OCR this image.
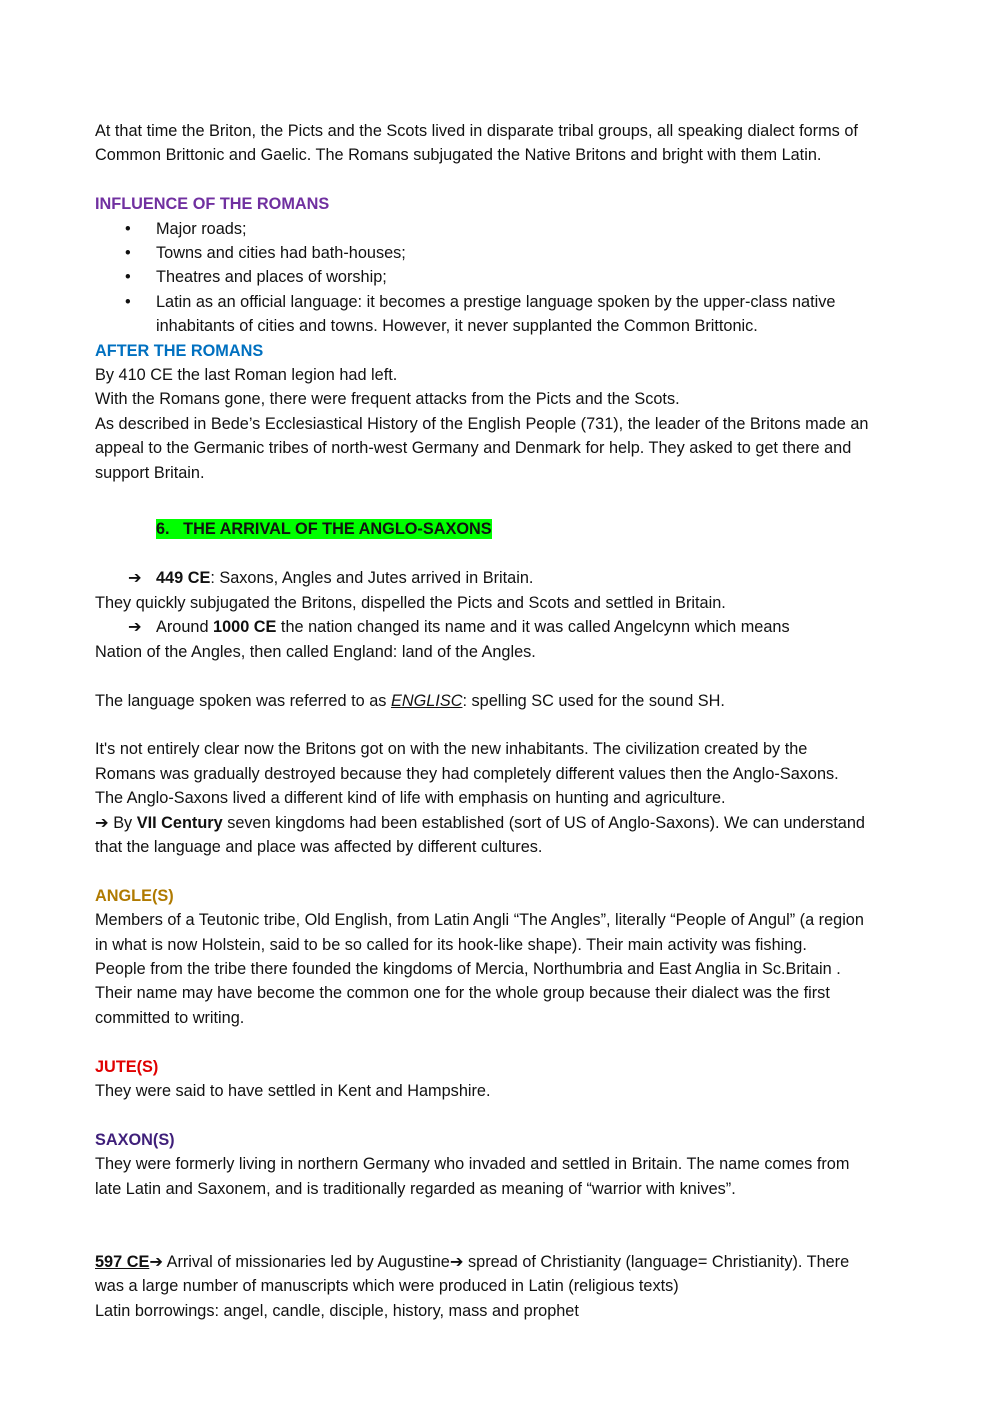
At that time the Briton, the Picts and the Scots lived in disparate tribal groups, all speaking dialect forms of

Common Brittonic and Gaelic. The Romans subjugated the Native Britons and bright with them Latin.

INFLUENCE OF THE ROMANS

• Major roads;
• Towns and cities had bath-houses;
• Theatres and places of worship;
• Latin as an official language: it becomes a prestige language spoken by the upper-class native
inhabitants of cities and towns. However, it never supplanted the Common Brittonic.

AFTER THE ROMANS

By 410 CE the last Roman legion had left.

With the Romans gone, there were frequent attacks from the Picts and the Scots.

As described in Bede’s Ecclesiastical History of the English People (731), the leader of the Britons made an

appeal to the Germanic tribes of north-west Germany and Denmark for help. They asked to get there and

support Britain.

6. THE ARRIVAL OF THE ANGLO-SAXONS

➔ 449 CE: Saxons, Angles and Jutes arrived in Britain.

They quickly subjugated the Britons, dispelled the Picts and Scots and settled in Britain.

➔ Around 1000 CE the nation changed its name and it was called Angelcynn which means

Nation of the Angles, then called England: land of the Angles.

The language spoken was referred to as ENGLISC: spelling SC used for the sound SH.

It's not entirely clear now the Britons got on with the new inhabitants. The civilization created by the

Romans was gradually destroyed because they had completely different values then the Anglo-Saxons.

The Anglo-Saxons lived a different kind of life with emphasis on hunting and agriculture.

➔ By VII Century seven kingdoms had been established (sort of US of Anglo-Saxons). We can understand

that the language and place was affected by different cultures.

ANGLE(S)

Members of a Teutonic tribe, Old English, from Latin Angli “The Angles”, literally “People of Angul” (a region

in what is now Holstein, said to be so called for its hook-like shape). Their main activity was fishing.

People from the tribe there founded the kingdoms of Mercia, Northumbria and East Anglia in Sc.Britain .

Their name may have become the common one for the whole group because their dialect was the first

committed to writing.

JUTE(S)

They were said to have settled in Kent and Hampshire.

SAXON(S)

They were formerly living in northern Germany who invaded and settled in Britain. The name comes from

late Latin and Saxonem, and is traditionally regarded as meaning of “warrior with knives”.

597 CE➔ Arrival of missionaries led by Augustine➔ spread of Christianity (language= Christianity). There

was a large number of manuscripts which were produced in Latin (religious texts)

Latin borrowings: angel, candle, disciple, history, mass and prophet
